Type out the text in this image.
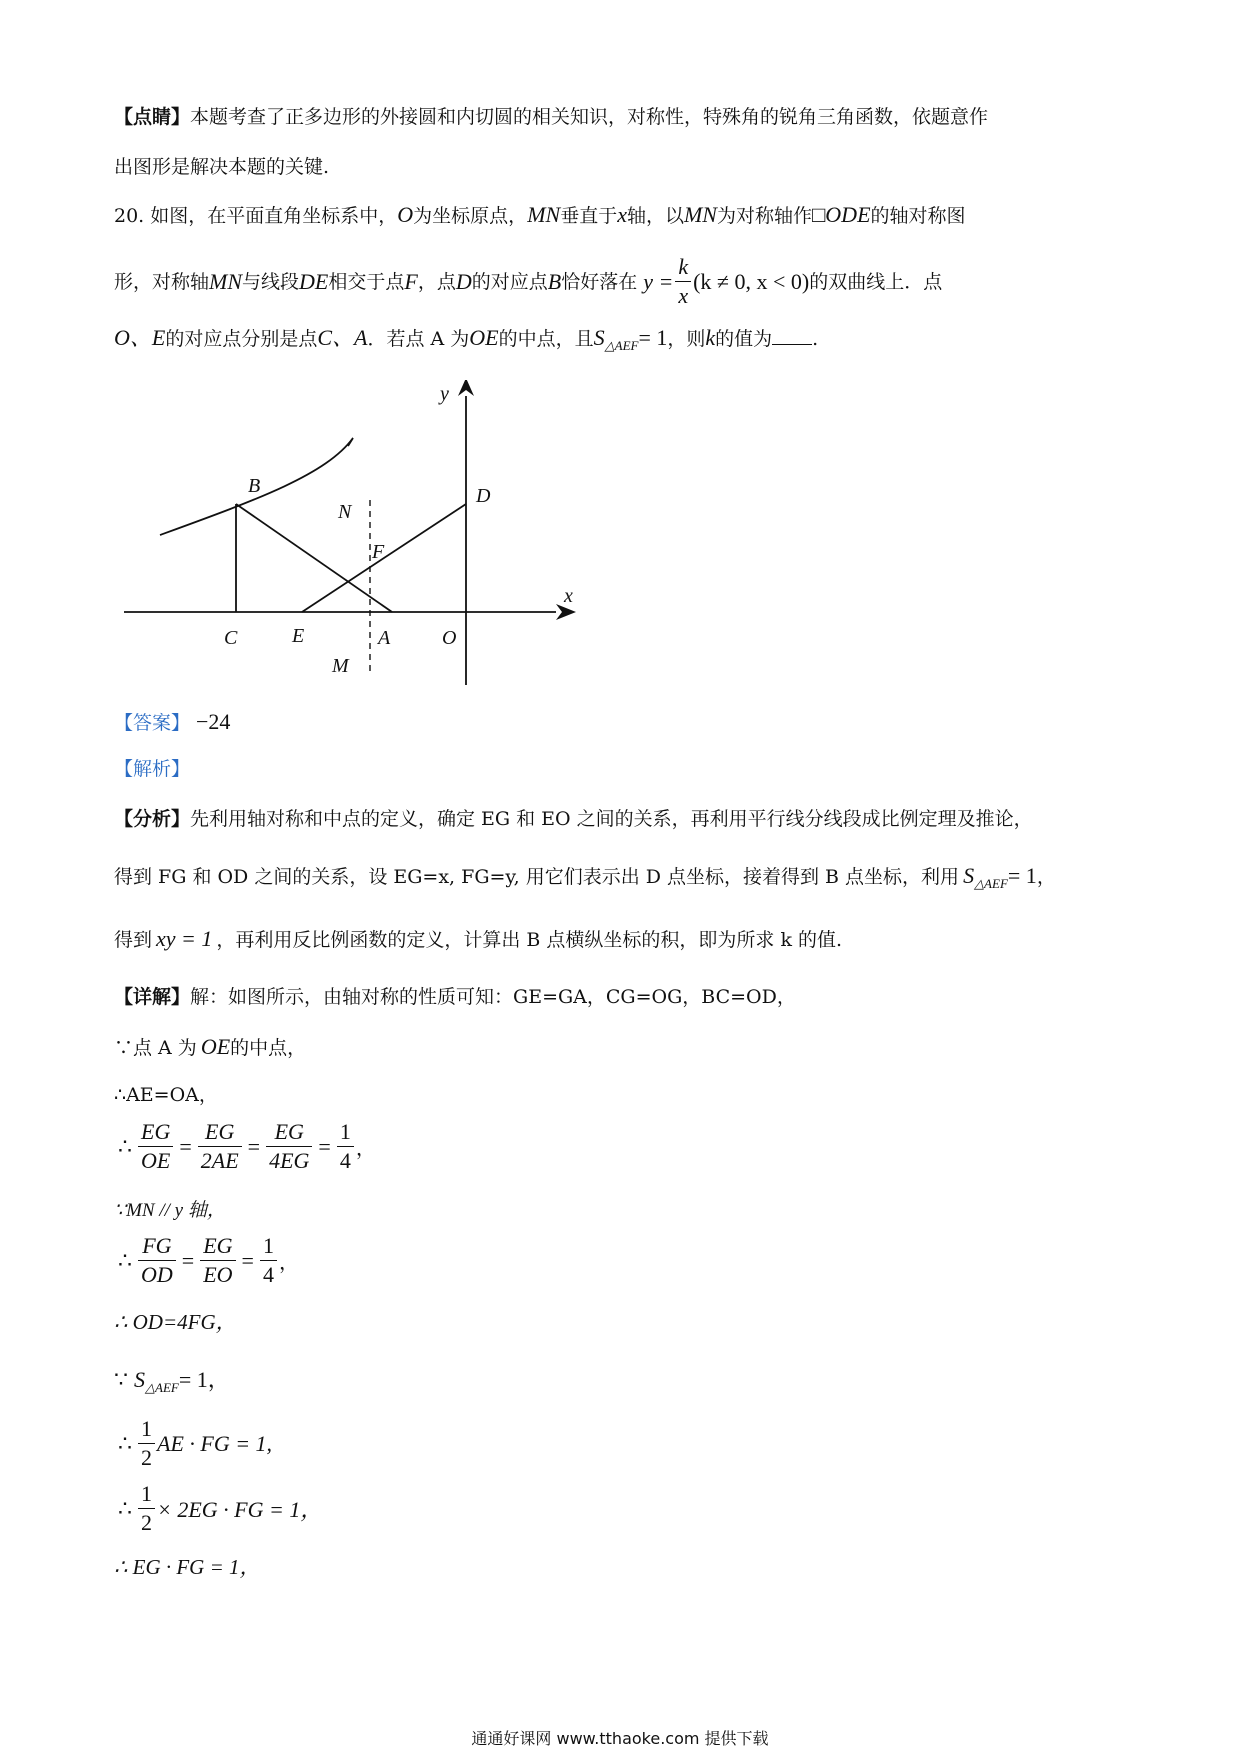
【点睛】本题考查了正多边形的外接圆和内切圆的相关知识，对称性，特殊角的锐角三角函数，依题意作
出图形是解决本题的关键.
20. 如图，在平面直角坐标系中，O为坐标原点，MN垂直于x轴，以MN为对称轴作□ODE的轴对称图
形，对称轴 MN 与线段 DE 相交于点 F ，点 D 的对应点 B 恰好落在 $y = \frac{k}{x} (k \ne 0$, x < 0) 的双曲线上．点
O、E的对应点分别是点C、A．若点 A 为OE的中点，且$S_{\triangle AEF}= 1$，则k的值为 .
y
x
B
N
F
D
C	E	A	O
M
【答案】 −24
【解析】
【分析】先利用轴对称和中点的定义，确定 EG 和 EO 之间的关系，再利用平行线分线段成比例定理及推论，
得到 FG 和 OD 之间的关系，设 EG=x, FG=y, 用它们表示出 D 点坐标，接着得到 B 点坐标，利用 $S_{\triangle AEF}= 1$，
得到 xy = 1 ，再利用反比例函数的定义，计算出 B 点横纵坐标的积，即为所求 k 的值.
【详解】解：如图所示，由轴对称的性质可知：GE=GA，CG=OG，BC=OD，
∵点 A 为 OE的中点，
∴AE=OA，
∴ $\frac{EG}{OE} = \frac{EG}{2AE} = \frac{EG}{4EG} = \frac{1}{4}$ ，
∵MN // y 轴，
∴ $\frac{FG}{OD} = \frac{EG}{EO} = \frac{1}{4}$ ，
∴ OD=4FG，
∵ $S_{\triangle AEF}= 1$，
∴ $\frac{1}{2}$ AE · FG = 1,
∴ $\frac{1}{2} \times 2EG$ · FG = 1，
∴ EG · FG = 1，
通通好课网 www.tthaoke.com 提供下载
